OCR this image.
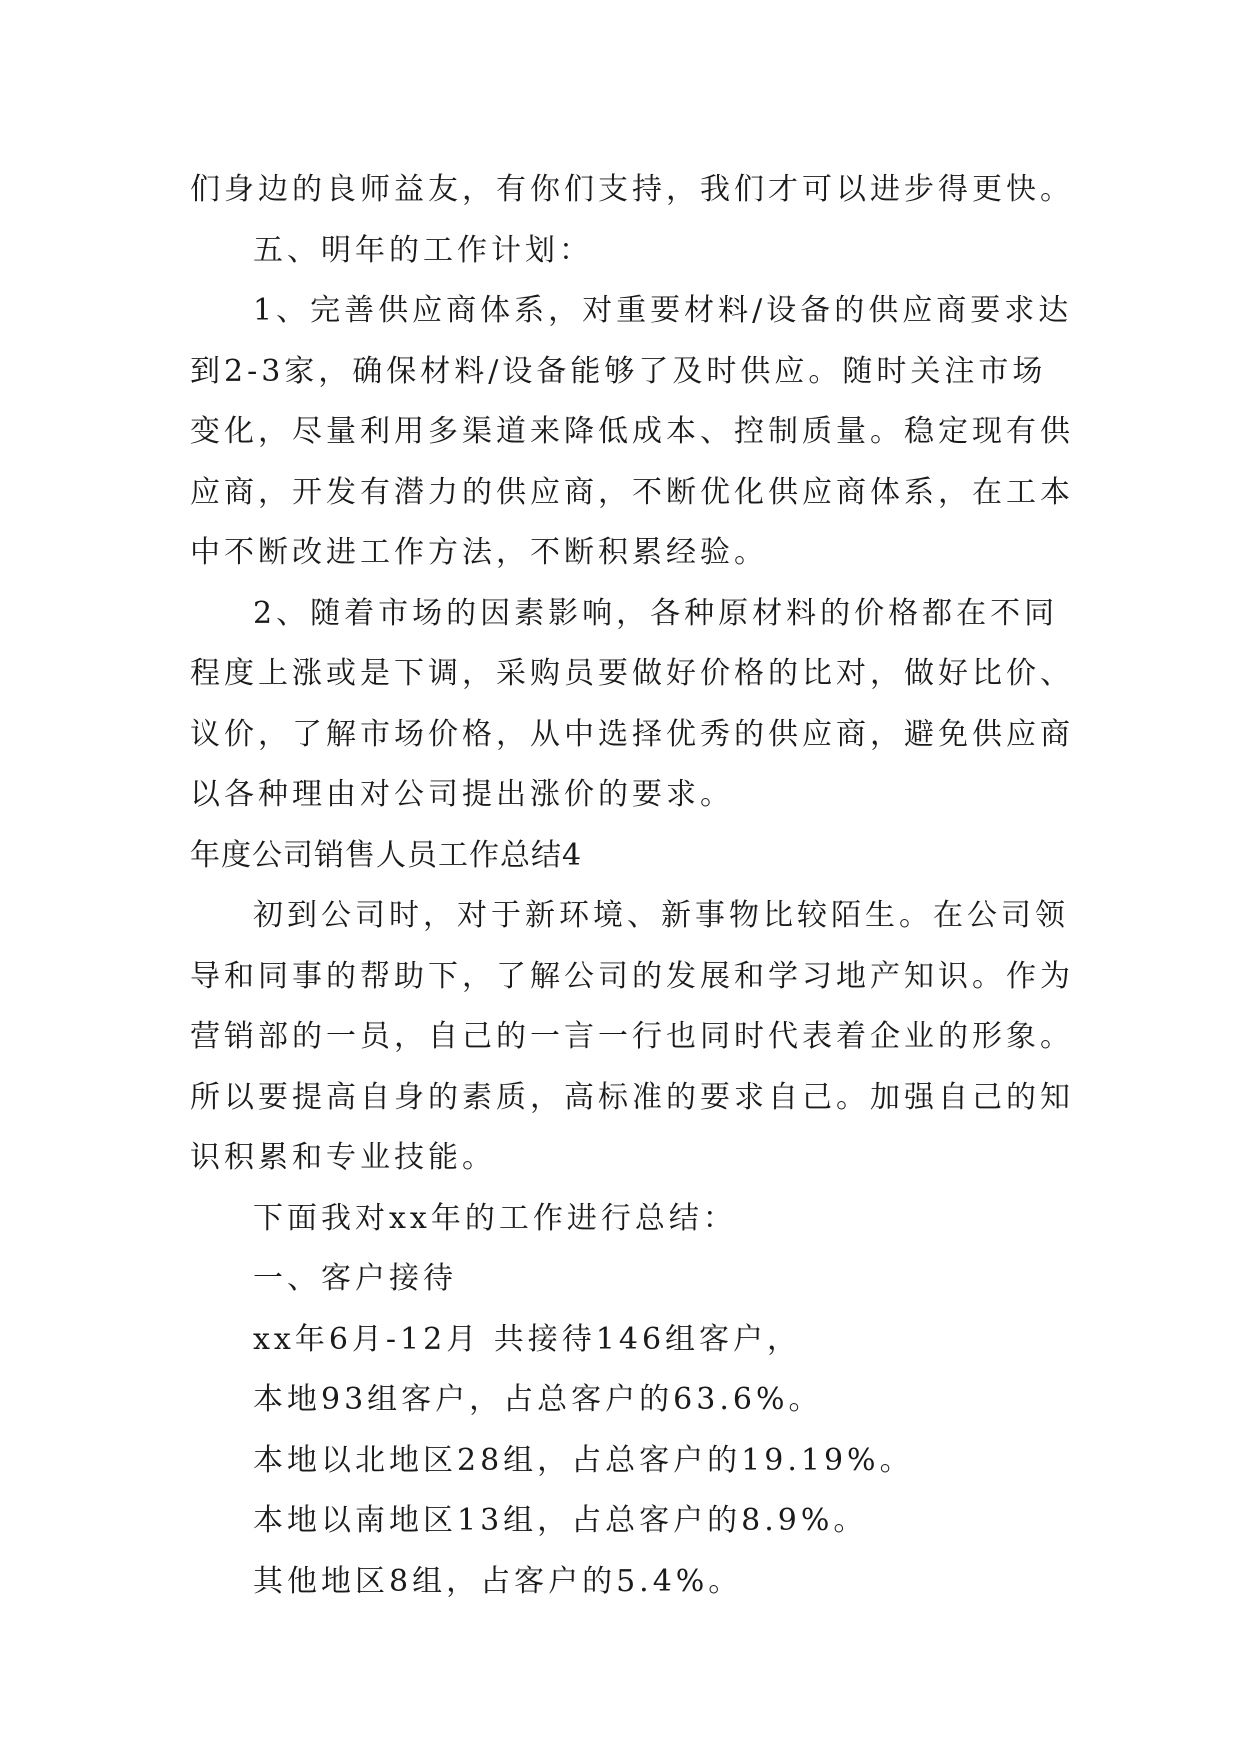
们身边的良师益友，有你们支持，我们才可以进步得更快。

五、明年的工作计划：

1、完善供应商体系，对重要材料/设备的供应商要求达

到2-3家，确保材料/设备能够了及时供应。随时关注市场

变化，尽量利用多渠道来降低成本、控制质量。稳定现有供

应商，开发有潜力的供应商，不断优化供应商体系，在工本

中不断改进工作方法，不断积累经验。

2、随着市场的因素影响，各种原材料的价格都在不同

程度上涨或是下调，采购员要做好价格的比对，做好比价、

议价，了解市场价格，从中选择优秀的供应商，避免供应商

以各种理由对公司提出涨价的要求。

年度公司销售人员工作总结4

初到公司时，对于新环境、新事物比较陌生。在公司领

导和同事的帮助下，了解公司的发展和学习地产知识。作为

营销部的一员，自己的一言一行也同时代表着企业的形象。

所以要提高自身的素质，高标准的要求自己。加强自己的知

识积累和专业技能。

下面我对xx年的工作进行总结：

一、客户接待

xx年6月-12月 共接待146组客户，

本地93组客户，占总客户的63.6%。

本地以北地区28组，占总客户的19.19%。

本地以南地区13组，占总客户的8.9%。

其他地区8组，占客户的5.4%。
